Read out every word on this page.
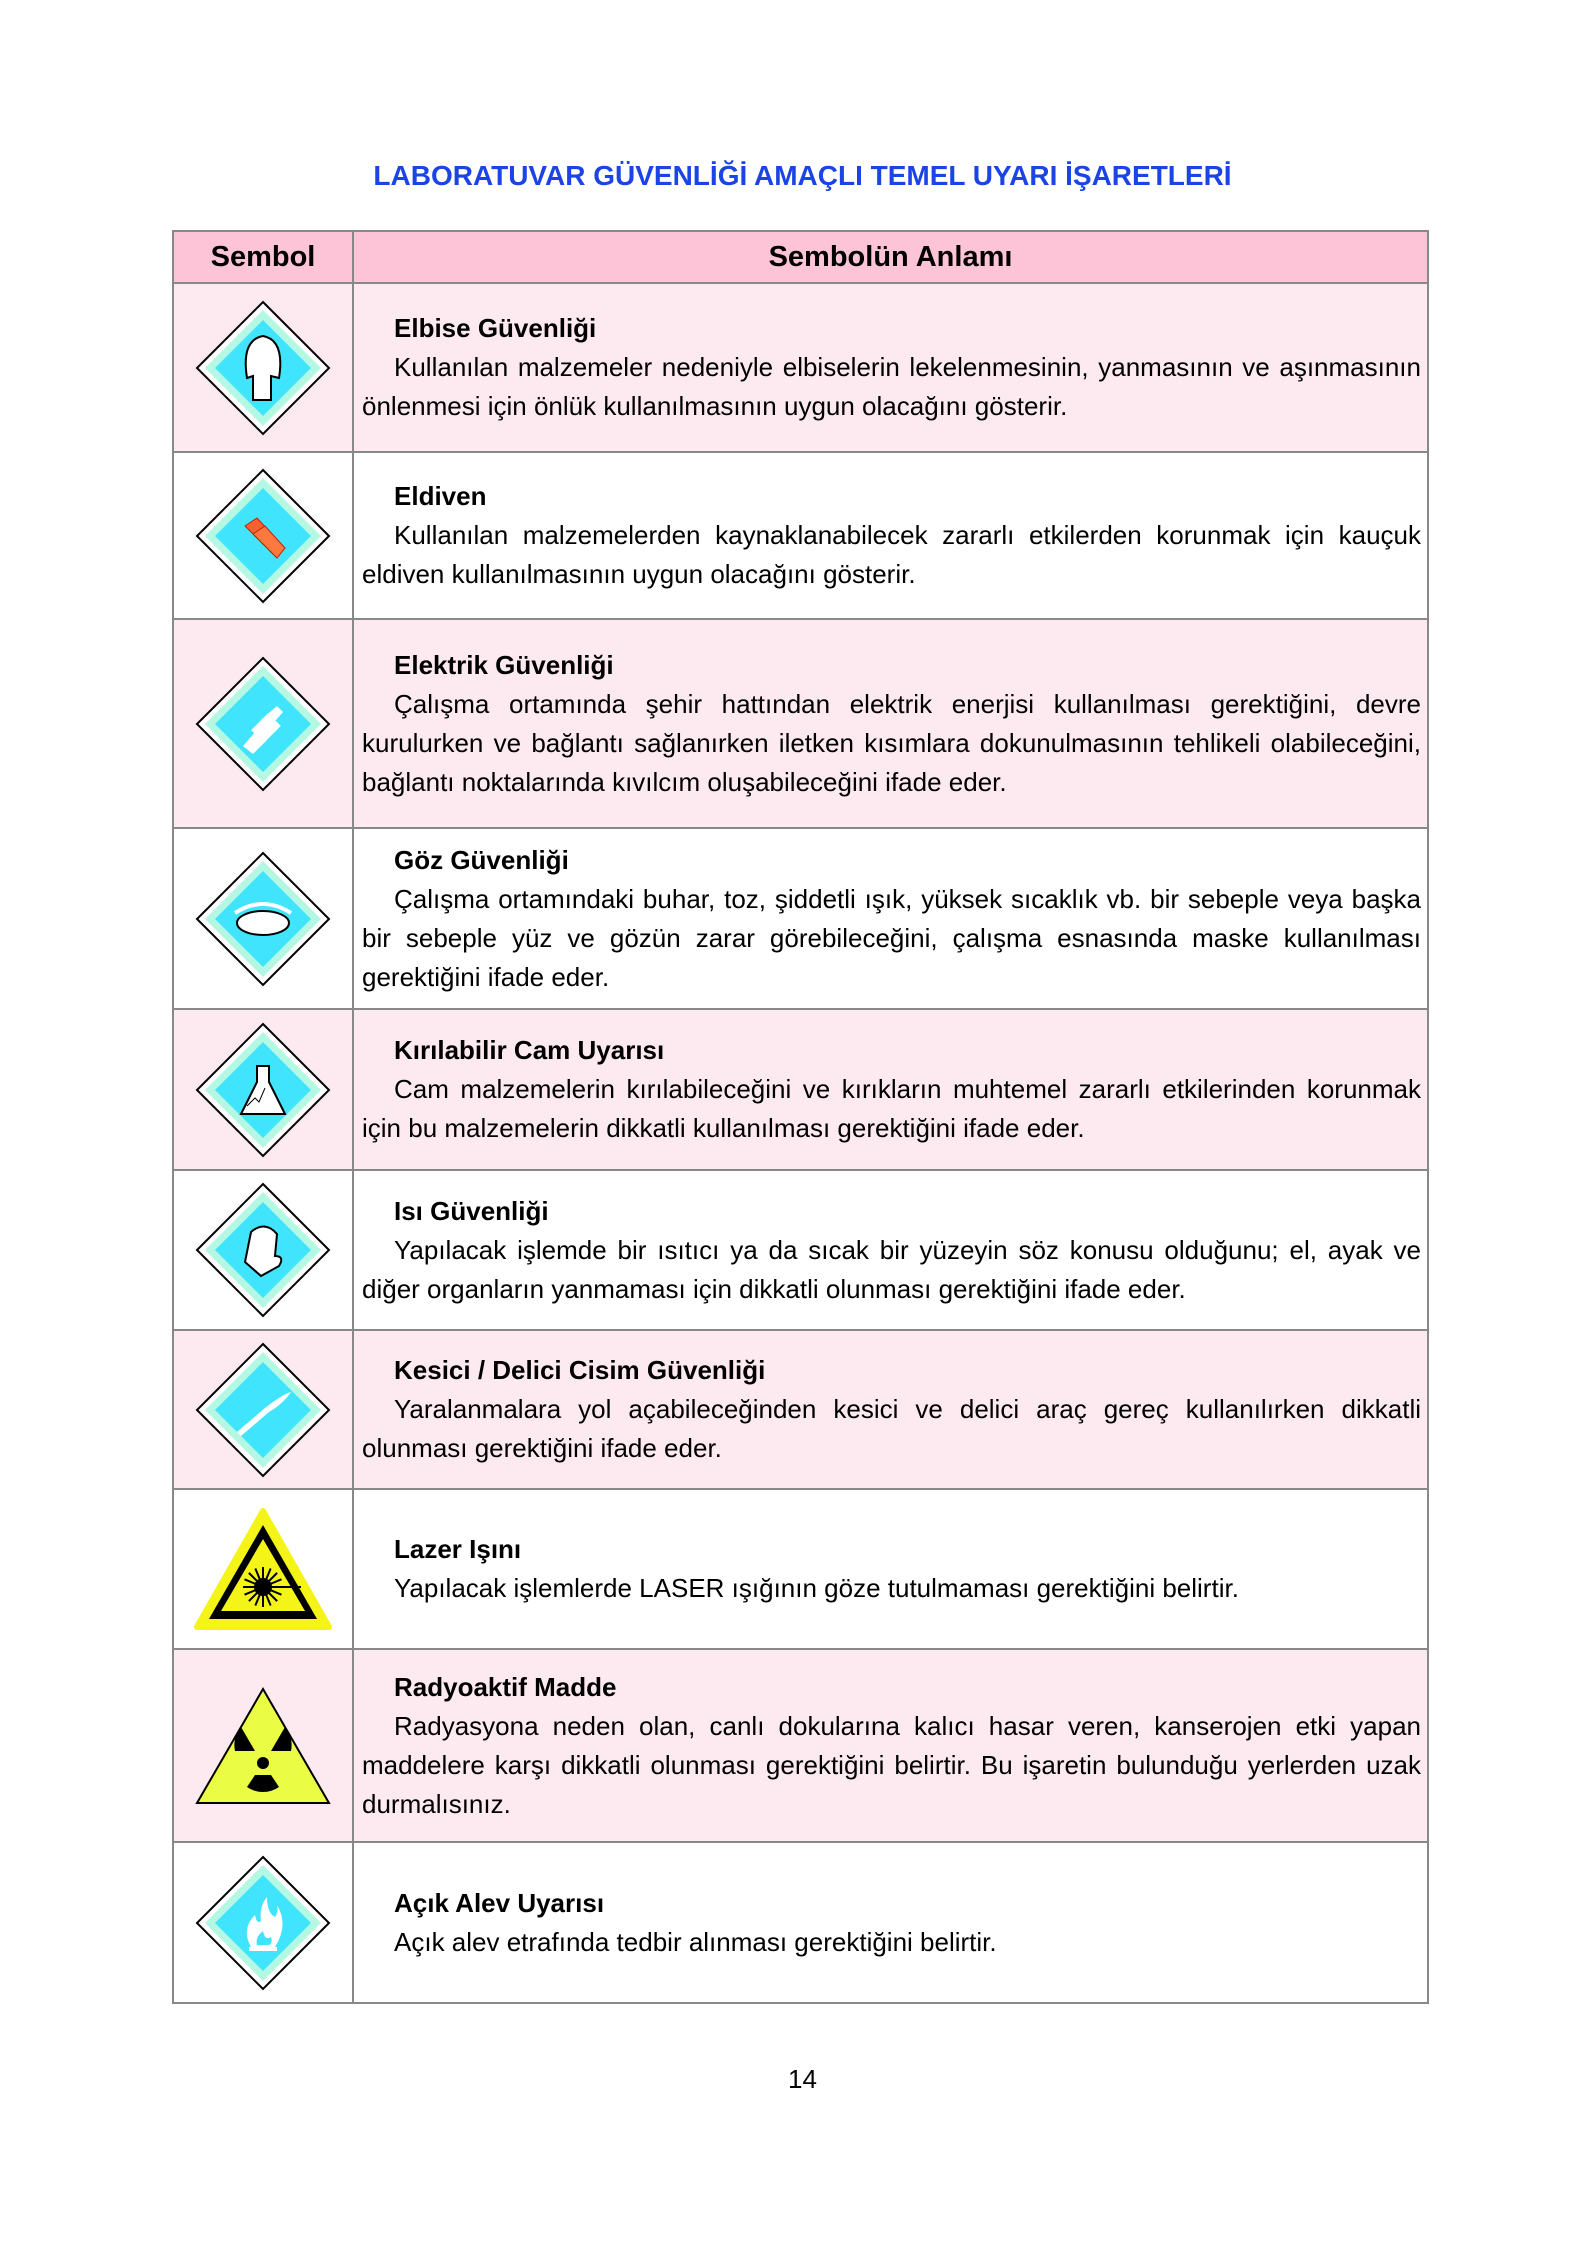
LABORATUVAR GÜVENLİĞİ AMAÇLI TEMEL UYARI İŞARETLERİ
Sembol	Sembolün Anlamı

Elbise Güvenliği
Kullanılan malzemeler nedeniyle elbiselerin lekelenmesinin, yanmasının ve aşınmasının önlenmesi için önlük kullanılmasının uygun olacağını gösterir.

Eldiven
Kullanılan malzemelerden kaynaklanabilecek zararlı etkilerden korunmak için kauçuk eldiven kullanılmasının uygun olacağını gösterir.

Elektrik Güvenliği
Çalışma ortamında şehir hattından elektrik enerjisi kullanılması gerektiğini, devre kurulurken ve bağlantı sağlanırken iletken kısımlara dokunulmasının tehlikeli olabileceğini, bağlantı noktalarında kıvılcım oluşabileceğini ifade eder.

Göz Güvenliği
Çalışma ortamındaki buhar, toz, şiddetli ışık, yüksek sıcaklık vb. bir sebeple veya başka bir sebeple yüz ve gözün zarar görebileceğini, çalışma esnasında maske kullanılması gerektiğini ifade eder.

Kırılabilir Cam Uyarısı
Cam malzemelerin kırılabileceğini ve kırıkların muhtemel zararlı etkilerinden korunmak için bu malzemelerin dikkatli kullanılması gerektiğini ifade eder.

Isı Güvenliği
Yapılacak işlemde bir ısıtıcı ya da sıcak bir yüzeyin söz konusu olduğunu; el, ayak ve diğer organların yanmaması için dikkatli olunması gerektiğini ifade eder.

Kesici / Delici Cisim Güvenliği
Yaralanmalara yol açabileceğinden kesici ve delici araç gereç kullanılırken dikkatli olunması gerektiğini ifade eder.

Lazer Işını
Yapılacak işlemlerde LASER ışığının göze tutulmaması gerektiğini belirtir.

Radyoaktif Madde
Radyasyona neden olan, canlı dokularına kalıcı hasar veren, kanserojen etki yapan maddelere karşı dikkatli olunması gerektiğini belirtir. Bu işaretin bulunduğu yerlerden uzak durmalısınız.

Açık Alev Uyarısı
Açık alev etrafında tedbir alınması gerektiğini belirtir.
14
